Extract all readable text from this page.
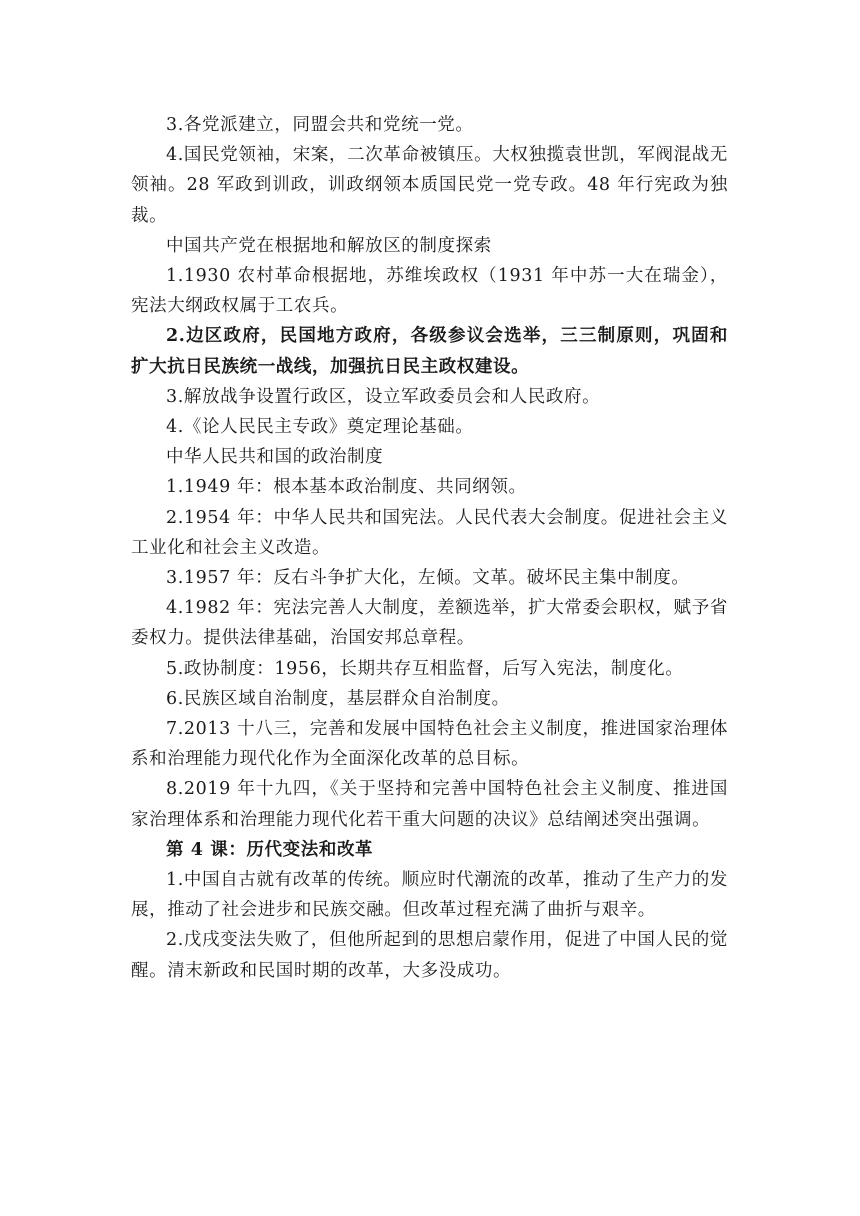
3.各党派建立，同盟会共和党统一党。

4.国民党领袖，宋案，二次革命被镇压。大权独揽袁世凯，军阀混战无领袖。28 军政到训政，训政纲领本质国民党一党专政。48 年行宪政为独裁。

中国共产党在根据地和解放区的制度探索

1.1930 农村革命根据地，苏维埃政权（1931 年中苏一大在瑞金），宪法大纲政权属于工农兵。

2.边区政府，民国地方政府，各级参议会选举，三三制原则，巩固和扩大抗日民族统一战线，加强抗日民主政权建设。

3.解放战争设置行政区，设立军政委员会和人民政府。

4.《论人民民主专政》奠定理论基础。

中华人民共和国的政治制度

1.1949 年：根本基本政治制度、共同纲领。

2.1954 年：中华人民共和国宪法。人民代表大会制度。促进社会主义工业化和社会主义改造。

3.1957 年：反右斗争扩大化，左倾。文革。破坏民主集中制度。

4.1982 年：宪法完善人大制度，差额选举，扩大常委会职权，赋予省委权力。提供法律基础，治国安邦总章程。

5.政协制度：1956，长期共存互相监督，后写入宪法，制度化。

6.民族区域自治制度，基层群众自治制度。

7.2013 十八三，完善和发展中国特色社会主义制度，推进国家治理体系和治理能力现代化作为全面深化改革的总目标。

8.2019 年十九四，《关于坚持和完善中国特色社会主义制度、推进国家治理体系和治理能力现代化若干重大问题的决议》总结阐述突出强调。

第 4 课：历代变法和改革

1.中国自古就有改革的传统。顺应时代潮流的改革，推动了生产力的发展，推动了社会进步和民族交融。但改革过程充满了曲折与艰辛。

2.戊戌变法失败了，但他所起到的思想启蒙作用，促进了中国人民的觉醒。清末新政和民国时期的改革，大多没成功。
